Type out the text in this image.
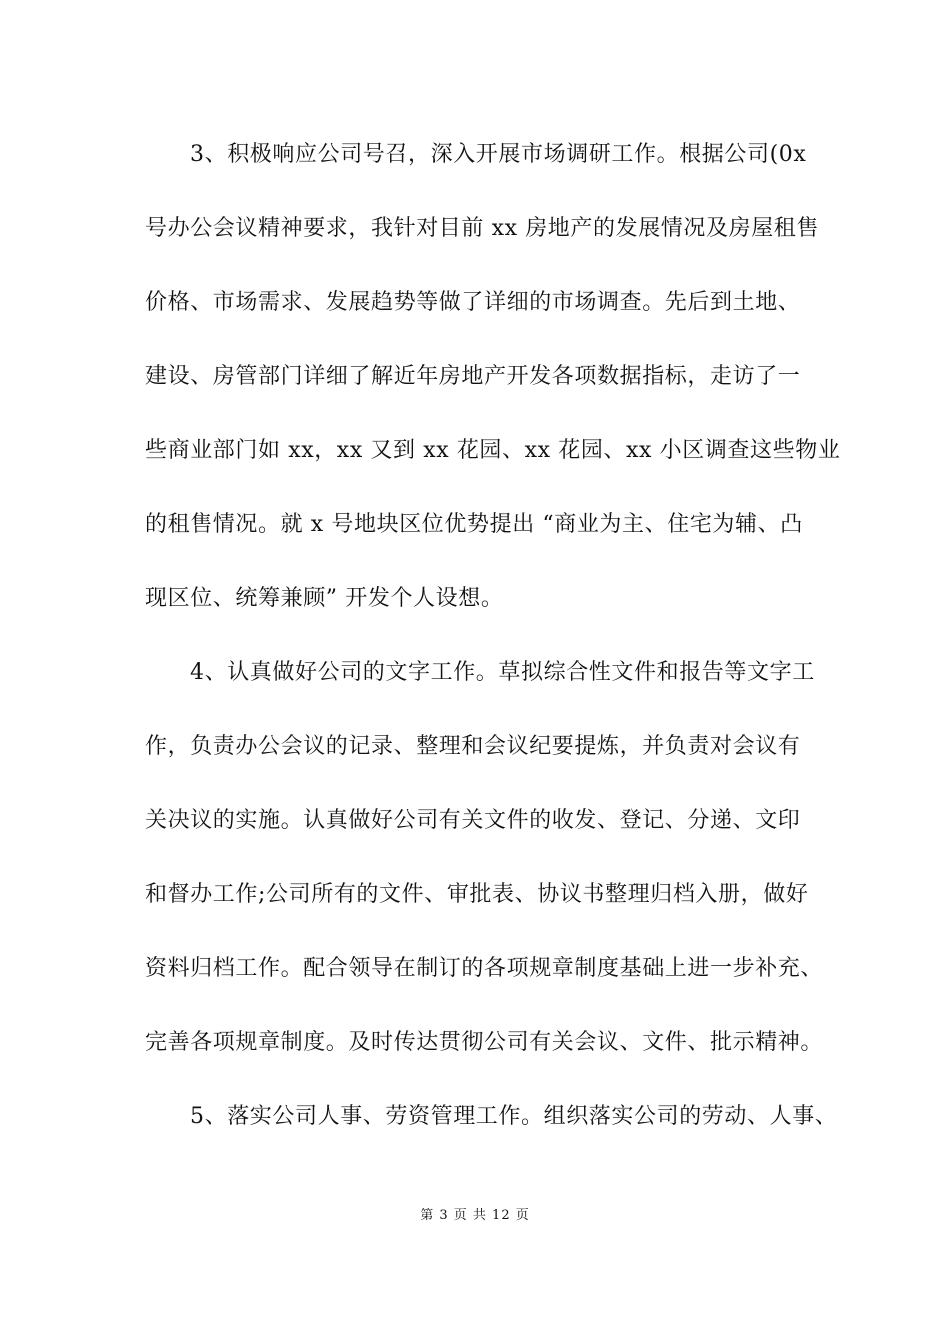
3、积极响应公司号召，深入开展市场调研工作。根据公司(0x
号办公会议精神要求，我针对目前 xx 房地产的发展情况及房屋租售
价格、市场需求、发展趋势等做了详细的市场调查。先后到土地、
建设、房管部门详细了解近年房地产开发各项数据指标，走访了一
些商业部门如 xx，xx 又到 xx 花园、xx 花园、xx 小区调查这些物业
的租售情况。就 x 号地块区位优势提出 “商业为主、住宅为辅、凸
现区位、统筹兼顾” 开发个人设想。
4、认真做好公司的文字工作。草拟综合性文件和报告等文字工
作，负责办公会议的记录、整理和会议纪要提炼，并负责对会议有
关决议的实施。认真做好公司有关文件的收发、登记、分递、文印
和督办工作;公司所有的文件、审批表、协议书整理归档入册，做好
资料归档工作。配合领导在制订的各项规章制度基础上进一步补充、
完善各项规章制度。及时传达贯彻公司有关会议、文件、批示精神。
5、落实公司人事、劳资管理工作。组织落实公司的劳动、人事、
第 3 页 共 12 页
